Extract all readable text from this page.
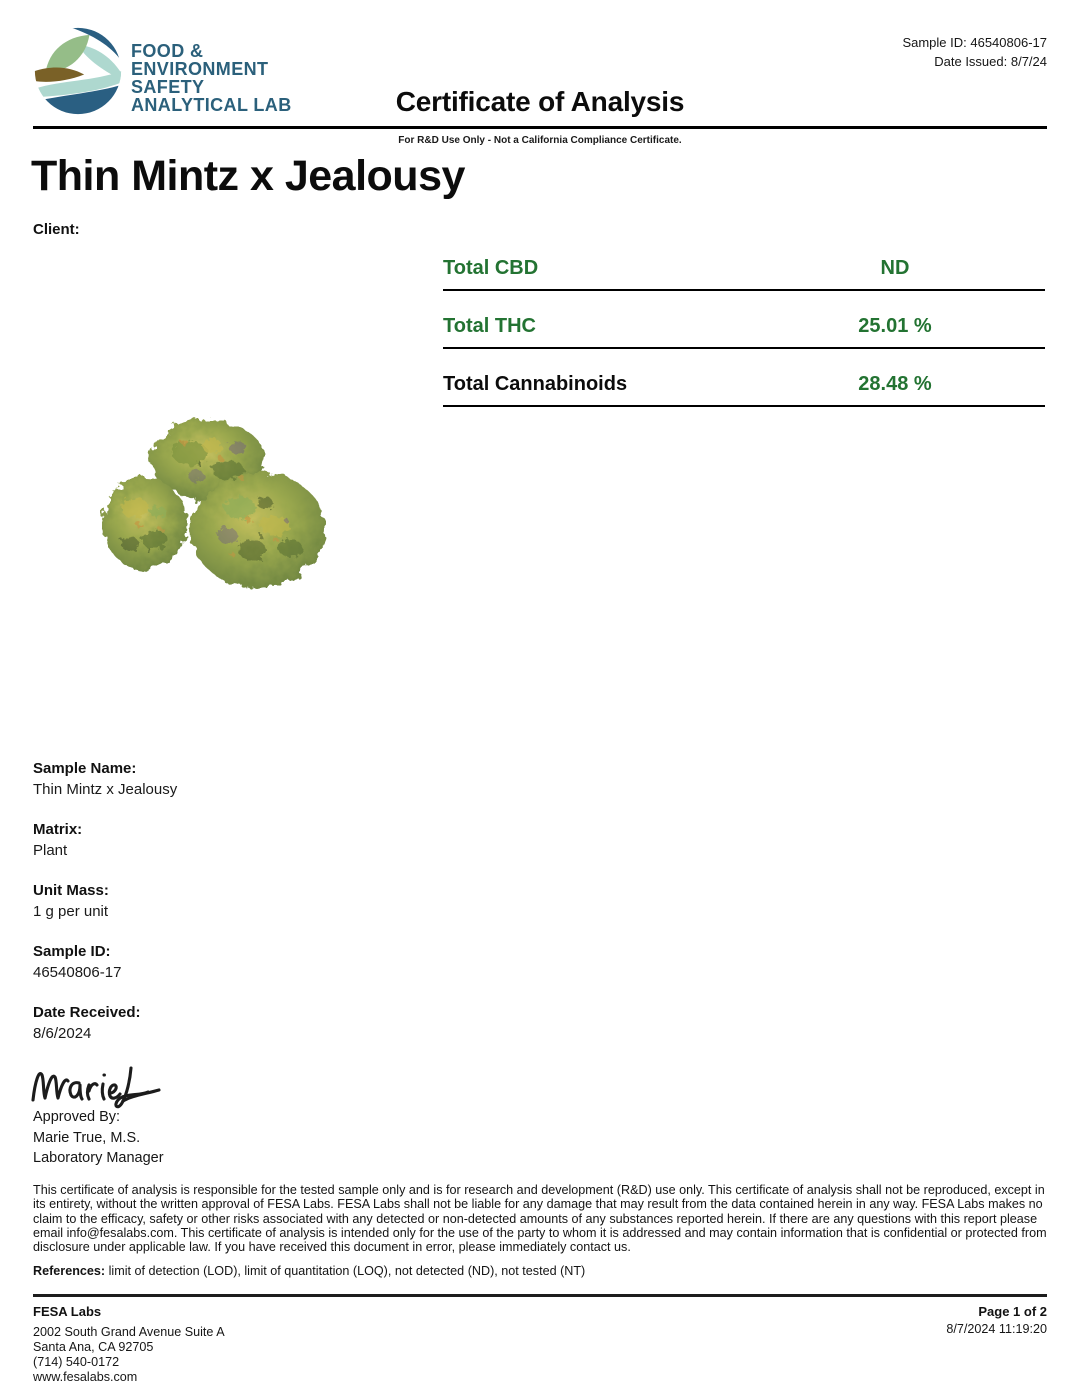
FOOD &
ENVIRONMENT
SAFETY
ANALYTICAL LAB
Sample ID: 46540806-17
Date Issued: 8/7/24
Certificate of Analysis
For R&D Use Only - Not a California Compliance Certificate.
Thin Mintz x Jealousy
Client:
Total CBD	ND
Total THC	25.01 %
Total Cannabinoids	28.48 %
Sample Name:
Thin Mintz x Jealousy
Matrix:
Plant
Unit Mass:
1 g per unit
Sample ID:
46540806-17
Date Received:
8/6/2024
Approved By:
Marie True, M.S.
Laboratory Manager
This certificate of analysis is responsible for the tested sample only and is for research and development (R&D) use only. This certificate of analysis shall not be reproduced, except in its entirety, without the written approval of FESA Labs. FESA Labs shall not be liable for any damage that may result from the data contained herein in any way. FESA Labs makes no claim to the efficacy, safety or other risks associated with any detected or non-detected amounts of any substances reported herein. If there are any questions with this report please email info@fesalabs.com. This certificate of analysis is intended only for the use of the party to whom it is addressed and may contain information that is confidential or protected from disclosure under applicable law. If you have received this document in error, please immediately contact us.
References: limit of detection (LOD), limit of quantitation (LOQ), not detected (ND), not tested (NT)
FESA Labs
2002 South Grand Avenue Suite A
Santa Ana, CA 92705
(714) 540-0172
www.fesalabs.com
Page 1 of 2
8/7/2024 11:19:20
